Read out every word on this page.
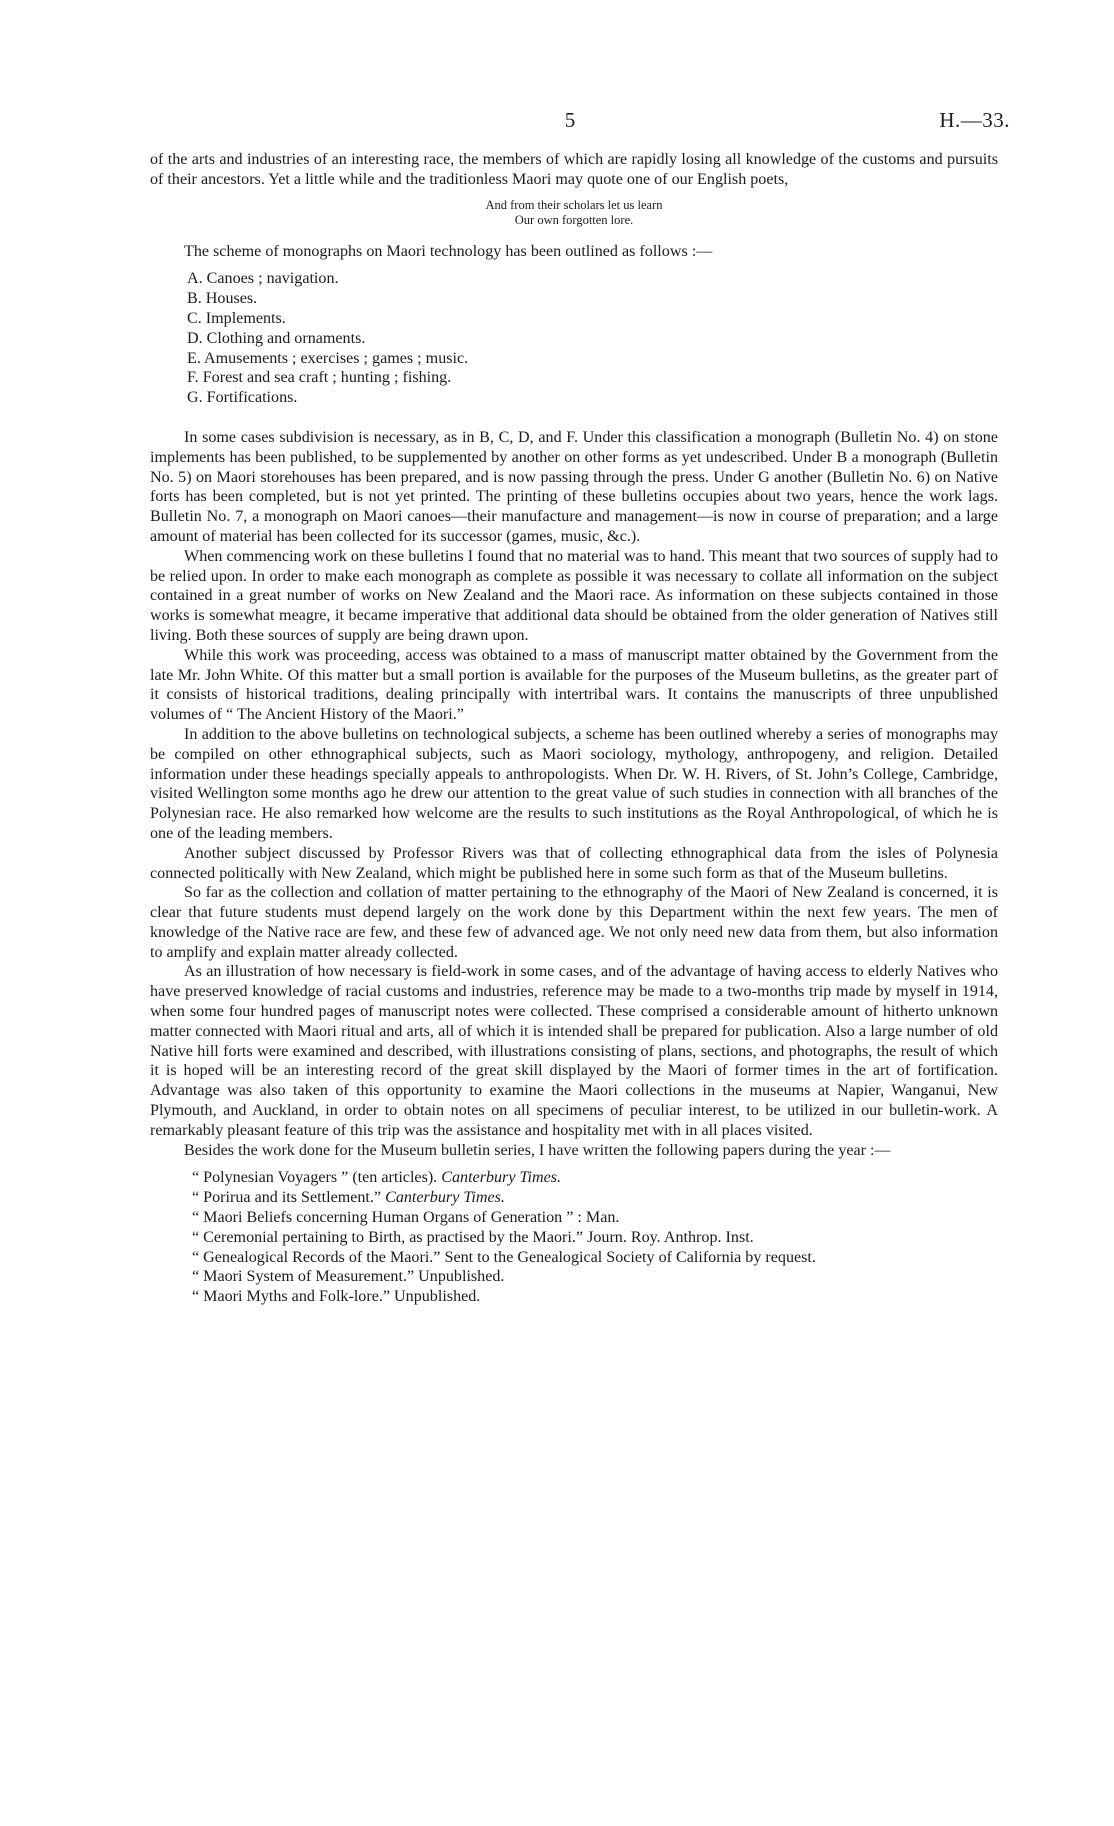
5	H.—33.

of the arts and industries of an interesting race, the members of which are rapidly losing all knowledge of the customs and pursuits of their ancestors. Yet a little while and the traditionless Maori may quote one of our English poets,

And from their scholars let us learn
Our own forgotten lore.

The scheme of monographs on Maori technology has been outlined as follows :—

A. Canoes ; navigation.
B. Houses.
C. Implements.
D. Clothing and ornaments.
E. Amusements ; exercises ; games ; music.
F. Forest and sea craft ; hunting ; fishing.
G. Fortifications.

In some cases subdivision is necessary, as in B, C, D, and F. Under this classification a monograph (Bulletin No. 4) on stone implements has been published, to be supplemented by another on other forms as yet undescribed. Under B a monograph (Bulletin No. 5) on Maori storehouses has been prepared, and is now passing through the press. Under G another (Bulletin No. 6) on Native forts has been completed, but is not yet printed. The printing of these bulletins occupies about two years, hence the work lags. Bulletin No. 7, a monograph on Maori canoes—their manufacture and management—is now in course of preparation; and a large amount of material has been collected for its successor (games, music, &c.).

When commencing work on these bulletins I found that no material was to hand. This meant that two sources of supply had to be relied upon. In order to make each monograph as complete as possible it was necessary to collate all information on the subject contained in a great number of works on New Zealand and the Maori race. As information on these subjects contained in those works is somewhat meagre, it became imperative that additional data should be obtained from the older generation of Natives still living. Both these sources of supply are being drawn upon.

While this work was proceeding, access was obtained to a mass of manuscript matter obtained by the Government from the late Mr. John White. Of this matter but a small portion is available for the purposes of the Museum bulletins, as the greater part of it consists of historical traditions, dealing principally with intertribal wars. It contains the manuscripts of three unpublished volumes of “ The Ancient History of the Maori.”

In addition to the above bulletins on technological subjects, a scheme has been outlined whereby a series of monographs may be compiled on other ethnographical subjects, such as Maori sociology, mythology, anthropogeny, and religion. Detailed information under these headings specially appeals to anthropologists. When Dr. W. H. Rivers, of St. John’s College, Cambridge, visited Wellington some months ago he drew our attention to the great value of such studies in connection with all branches of the Polynesian race. He also remarked how welcome are the results to such institutions as the Royal Anthropological, of which he is one of the leading members.

Another subject discussed by Professor Rivers was that of collecting ethnographical data from the isles of Polynesia connected politically with New Zealand, which might be published here in some such form as that of the Museum bulletins.

So far as the collection and collation of matter pertaining to the ethnography of the Maori of New Zealand is concerned, it is clear that future students must depend largely on the work done by this Department within the next few years. The men of knowledge of the Native race are few, and these few of advanced age. We not only need new data from them, but also information to amplify and explain matter already collected.

As an illustration of how necessary is field-work in some cases, and of the advantage of having access to elderly Natives who have preserved knowledge of racial customs and industries, reference may be made to a two-months trip made by myself in 1914, when some four hundred pages of manuscript notes were collected. These comprised a considerable amount of hitherto unknown matter connected with Maori ritual and arts, all of which it is intended shall be prepared for publication. Also a large number of old Native hill forts were examined and described, with illustrations consisting of plans, sections, and photographs, the result of which it is hoped will be an interesting record of the great skill displayed by the Maori of former times in the art of fortification. Advantage was also taken of this opportunity to examine the Maori collections in the museums at Napier, Wanganui, New Plymouth, and Auckland, in order to obtain notes on all specimens of peculiar interest, to be utilized in our bulletin-work. A remarkably pleasant feature of this trip was the assistance and hospitality met with in all places visited.

Besides the work done for the Museum bulletin series, I have written the following papers during the year :—

“ Polynesian Voyagers ” (ten articles). Canterbury Times.
“ Porirua and its Settlement.” Canterbury Times.
“ Maori Beliefs concerning Human Organs of Generation ” : Man.
“ Ceremonial pertaining to Birth, as practised by the Maori.” Journ. Roy. Anthrop. Inst.
“ Genealogical Records of the Maori.” Sent to the Genealogical Society of California by request.
“ Maori System of Measurement.” Unpublished.
“ Maori Myths and Folk-lore.” Unpublished.
